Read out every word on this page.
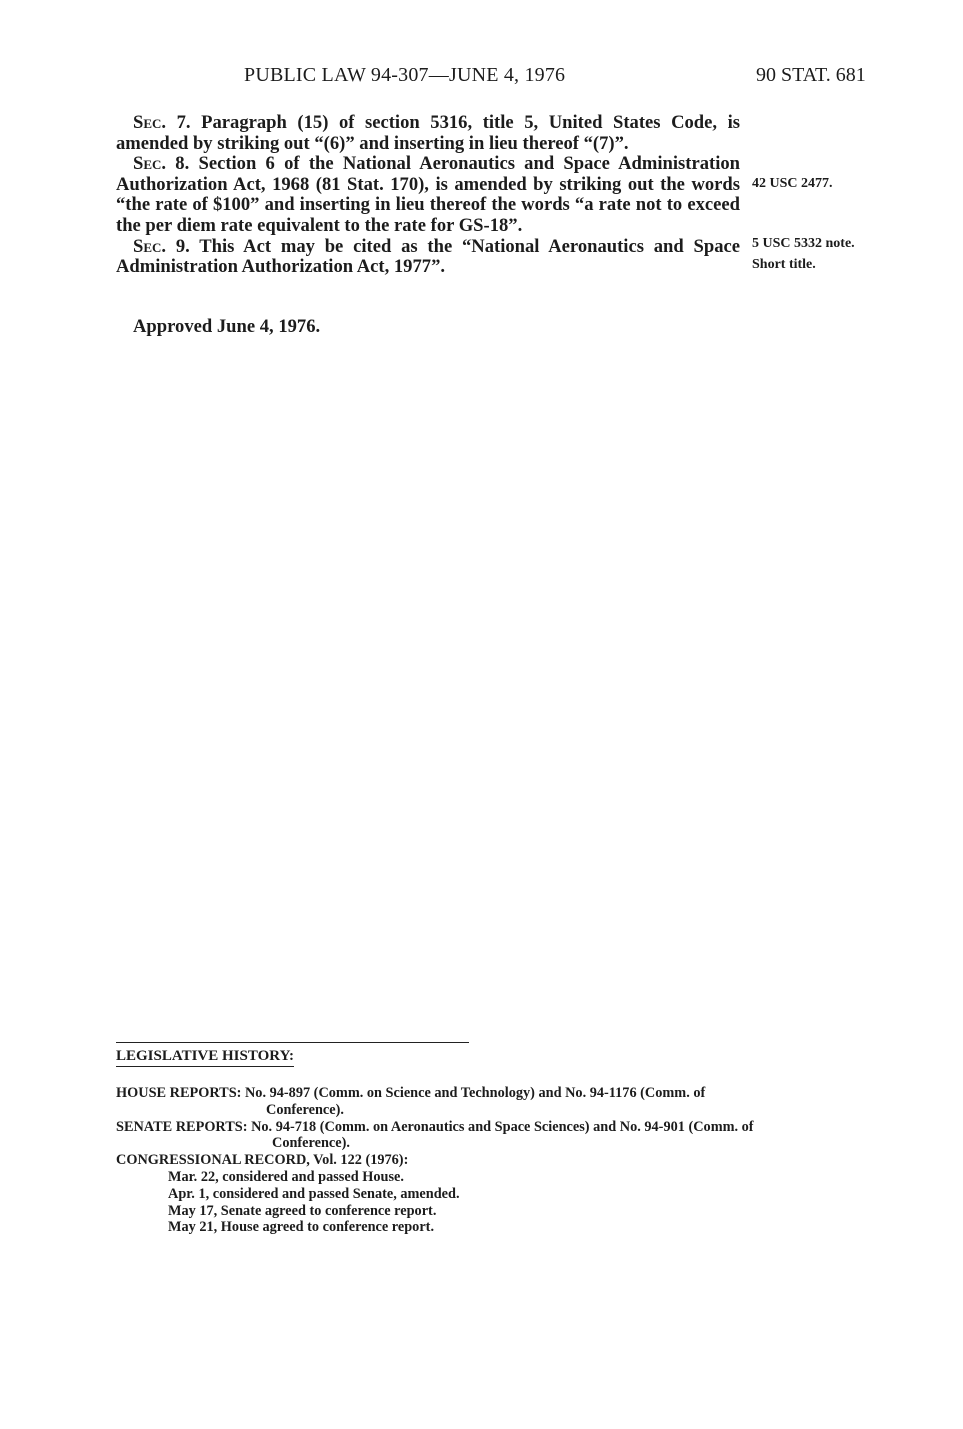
PUBLIC LAW 94-307—JUNE 4, 1976	90 STAT. 681

Sec. 7. Paragraph (15) of section 5316, title 5, United States Code, is amended by striking out “(6)” and inserting in lieu thereof “(7)”.

Sec. 8. Section 6 of the National Aeronautics and Space Administration Authorization Act, 1968 (81 Stat. 170), is amended by striking out the words “the rate of $100” and inserting in lieu thereof the words “a rate not to exceed the per diem rate equivalent to the rate for GS-18”.

Sec. 9. This Act may be cited as the “National Aeronautics and Space Administration Authorization Act, 1977”.

42 USC 2477.
5 USC 5332 note.
Short title.
Approved June 4, 1976.
LEGISLATIVE HISTORY:

HOUSE REPORTS: No. 94-897 (Comm. on Science and Technology) and No. 94-1176 (Comm. of Conference).

SENATE REPORTS: No. 94-718 (Comm. on Aeronautics and Space Sciences) and No. 94-901 (Comm. of Conference).

CONGRESSIONAL RECORD, Vol. 122 (1976):

Mar. 22, considered and passed House.
Apr. 1, considered and passed Senate, amended.
May 17, Senate agreed to conference report.
May 21, House agreed to conference report.
